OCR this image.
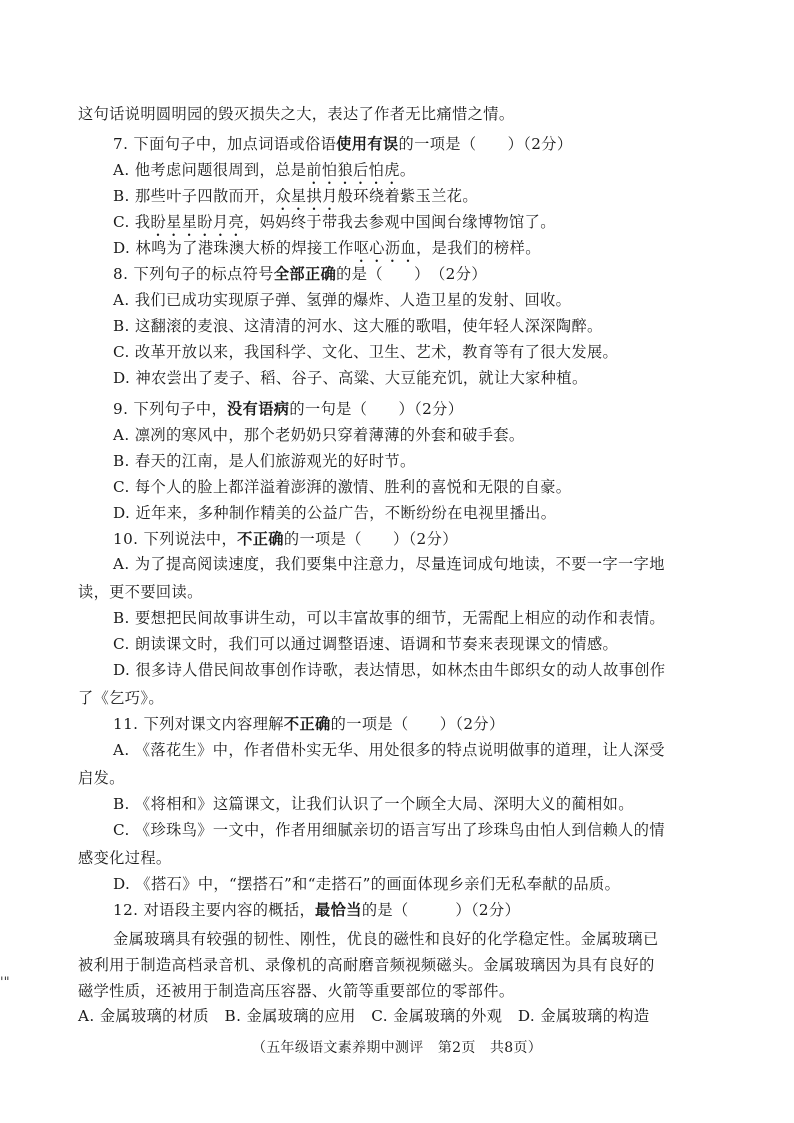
这句话说明圆明园的毁灭损失之大，表达了作者无比痛惜之情。
7. 下面句子中，加点词语或俗语使用有误的一项是（　　）（2分）
A. 他考虑问题很周到，总是前怕狼后怕虎。
B. 那些叶子四散而开，众星拱月般环绕着紫玉兰花。
C. 我盼星星盼月亮，妈妈终于带我去参观中国闽台缘博物馆了。
D. 林鸣为了港珠澳大桥的焊接工作呕心沥血，是我们的榜样。
8. 下列句子的标点符号全部正确的是（　　）　（2分）
A. 我们已成功实现原子弹、氢弹的爆炸、人造卫星的发射、回收。
B. 这翻滚的麦浪、这清清的河水、这大雁的歌唱，使年轻人深深陶醉。
C. 改革开放以来，我国科学、文化、卫生、艺术，教育等有了很大发展。
D. 神农尝出了麦子、稻、谷子、高粱、大豆能充饥，就让大家种植。
9. 下列句子中，没有语病的一句是（　　）（2分）
A. 凛冽的寒风中，那个老奶奶只穿着薄薄的外套和破手套。
B. 春天的江南，是人们旅游观光的好时节。
C. 每个人的脸上都洋溢着澎湃的激情、胜利的喜悦和无限的自豪。
D. 近年来，多种制作精美的公益广告，不断纷纷在电视里播出。
10. 下列说法中，不正确的一项是（　　）（2分）
A. 为了提高阅读速度，我们要集中注意力，尽量连词成句地读，不要一字一字地
读，更不要回读。
B. 要想把民间故事讲生动，可以丰富故事的细节，无需配上相应的动作和表情。
C. 朗读课文时，我们可以通过调整语速、语调和节奏来表现课文的情感。
D. 很多诗人借民间故事创作诗歌，表达情思，如林杰由牛郎织女的动人故事创作
了《乞巧》。
11. 下列对课文内容理解不正确的一项是（　　）（2分）
A. 《落花生》中，作者借朴实无华、用处很多的特点说明做事的道理，让人深受
启发。
B. 《将相和》这篇课文，让我们认识了一个顾全大局、深明大义的蔺相如。
C. 《珍珠鸟》一文中，作者用细腻亲切的语言写出了珍珠鸟由怕人到信赖人的情
感变化过程。
D. 《搭石》中，“摆搭石”和“走搭石”的画面体现乡亲们无私奉献的品质。
12. 对语段主要内容的概括，最恰当的是（　　　）（2分）
金属玻璃具有较强的韧性、刚性，优良的磁性和良好的化学稳定性。金属玻璃已
被利用于制造高档录音机、录像机的高耐磨音频视频磁头。金属玻璃因为具有良好的
磁学性质，还被用于制造高压容器、火箭等重要部位的零部件。
A. 金属玻璃的材质　B. 金属玻璃的应用　C. 金属玻璃的外观　D. 金属玻璃的构造
'"
（五年级语文素养期中测评　第2页　共8页）
